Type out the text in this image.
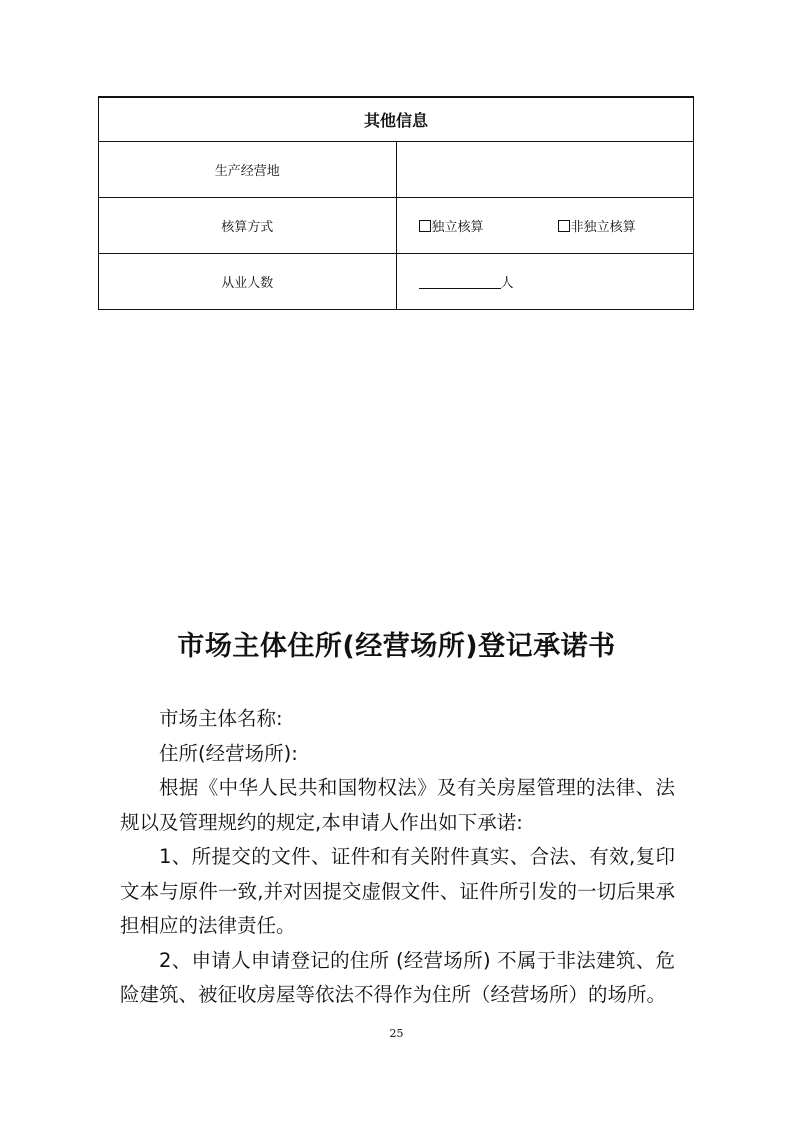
其他信息	
生产经营地	
核算方式	独立核算 非独立核算
从业人数	人
市场主体住所(经营场所)登记承诺书

市场主体名称:

住所(经营场所):

根据《中华人民共和国物权法》及有关房屋管理的法律、法规以及管理规约的规定,本申请人作出如下承诺:

1、所提交的文件、证件和有关附件真实、合法、有效,复印文本与原件一致,并对因提交虚假文件、证件所引发的一切后果承担相应的法律责任。

2、申请人申请登记的住所 (经营场所) 不属于非法建筑、危险建筑、被征收房屋等依法不得作为住所（经营场所）的场所。

25
